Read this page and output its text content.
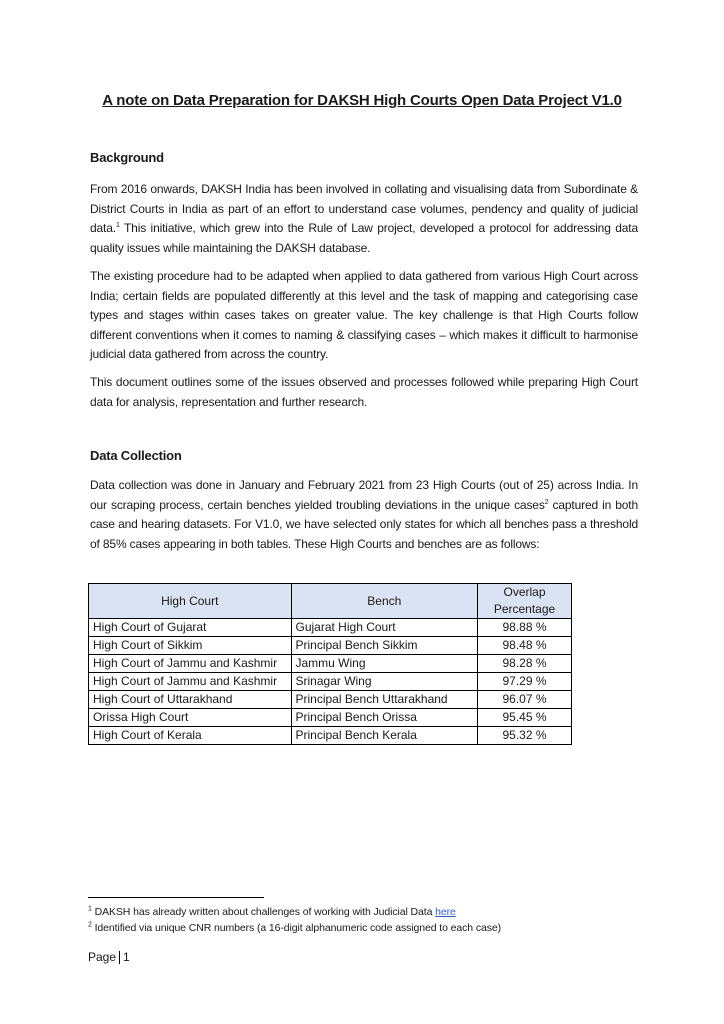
A note on Data Preparation for DAKSH High Courts Open Data Project V1.0
Background
From 2016 onwards, DAKSH India has been involved in collating and visualising data from Subordinate & District Courts in India as part of an effort to understand case volumes, pendency and quality of judicial data.$^1$ This initiative, which grew into the Rule of Law project, developed a protocol for addressing data quality issues while maintaining the DAKSH database.
The existing procedure had to be adapted when applied to data gathered from various High Court across India; certain fields are populated differently at this level and the task of mapping and categorising case types and stages within cases takes on greater value. The key challenge is that High Courts follow different conventions when it comes to naming & classifying cases – which makes it difficult to harmonise judicial data gathered from across the country.
This document outlines some of the issues observed and processes followed while preparing High Court data for analysis, representation and further research.
Data Collection
Data collection was done in January and February 2021 from 23 High Courts (out of 25) across India. In our scraping process, certain benches yielded troubling deviations in the unique cases$^2$ captured in both case and hearing datasets. For V1.0, we have selected only states for which all benches pass a threshold of 85% cases appearing in both tables. These High Courts and benches are as follows:
High Court	Bench	Overlap Percentage
High Court of Gujarat	Gujarat High Court	98.88 %
High Court of Sikkim	Principal Bench Sikkim	98.48 %
High Court of Jammu and Kashmir	Jammu Wing	98.28 %
High Court of Jammu and Kashmir	Srinagar Wing	97.29 %
High Court of Uttarakhand	Principal Bench Uttarakhand	96.07 %
Orissa High Court	Principal Bench Orissa	95.45 %
High Court of Kerala	Principal Bench Kerala	95.32 %
$^1$ DAKSH has already written about challenges of working with Judicial Data here
$^2$ Identified via unique CNR numbers (a 16-digit alphanumeric code assigned to each case)
Page 1
